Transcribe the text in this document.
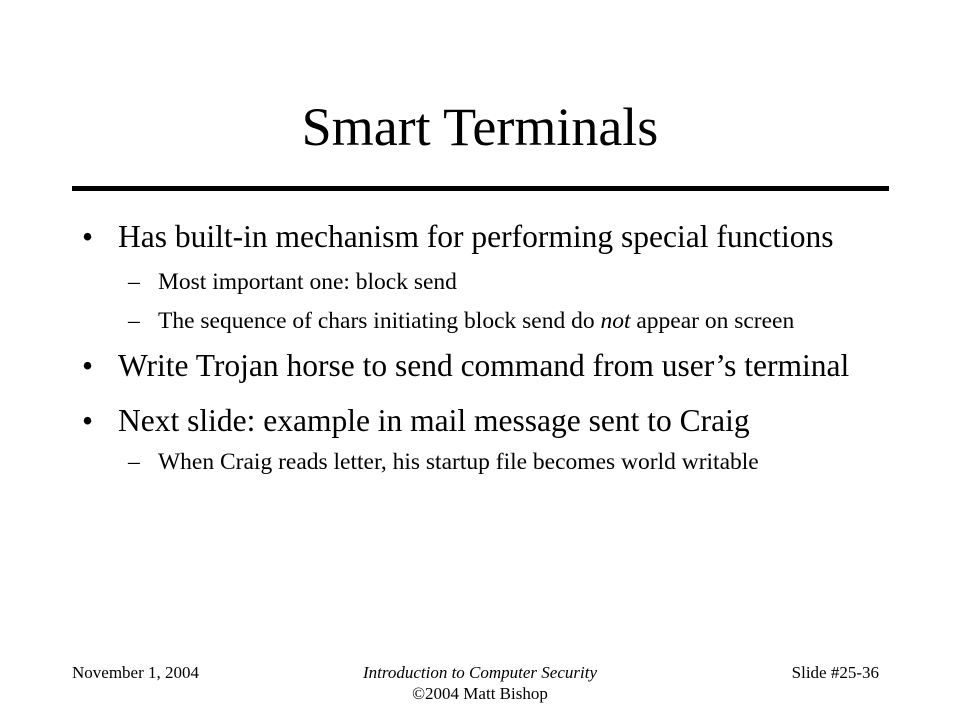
Smart Terminals
• Has built-in mechanism for performing special functions
– Most important one: block send
– The sequence of chars initiating block send do not appear on screen
• Write Trojan horse to send command from user’s terminal
• Next slide: example in mail message sent to Craig
– When Craig reads letter, his startup file becomes world writable
November 1, 2004	Introduction to Computer Security
©2004 Matt Bishop
Slide #25-36
